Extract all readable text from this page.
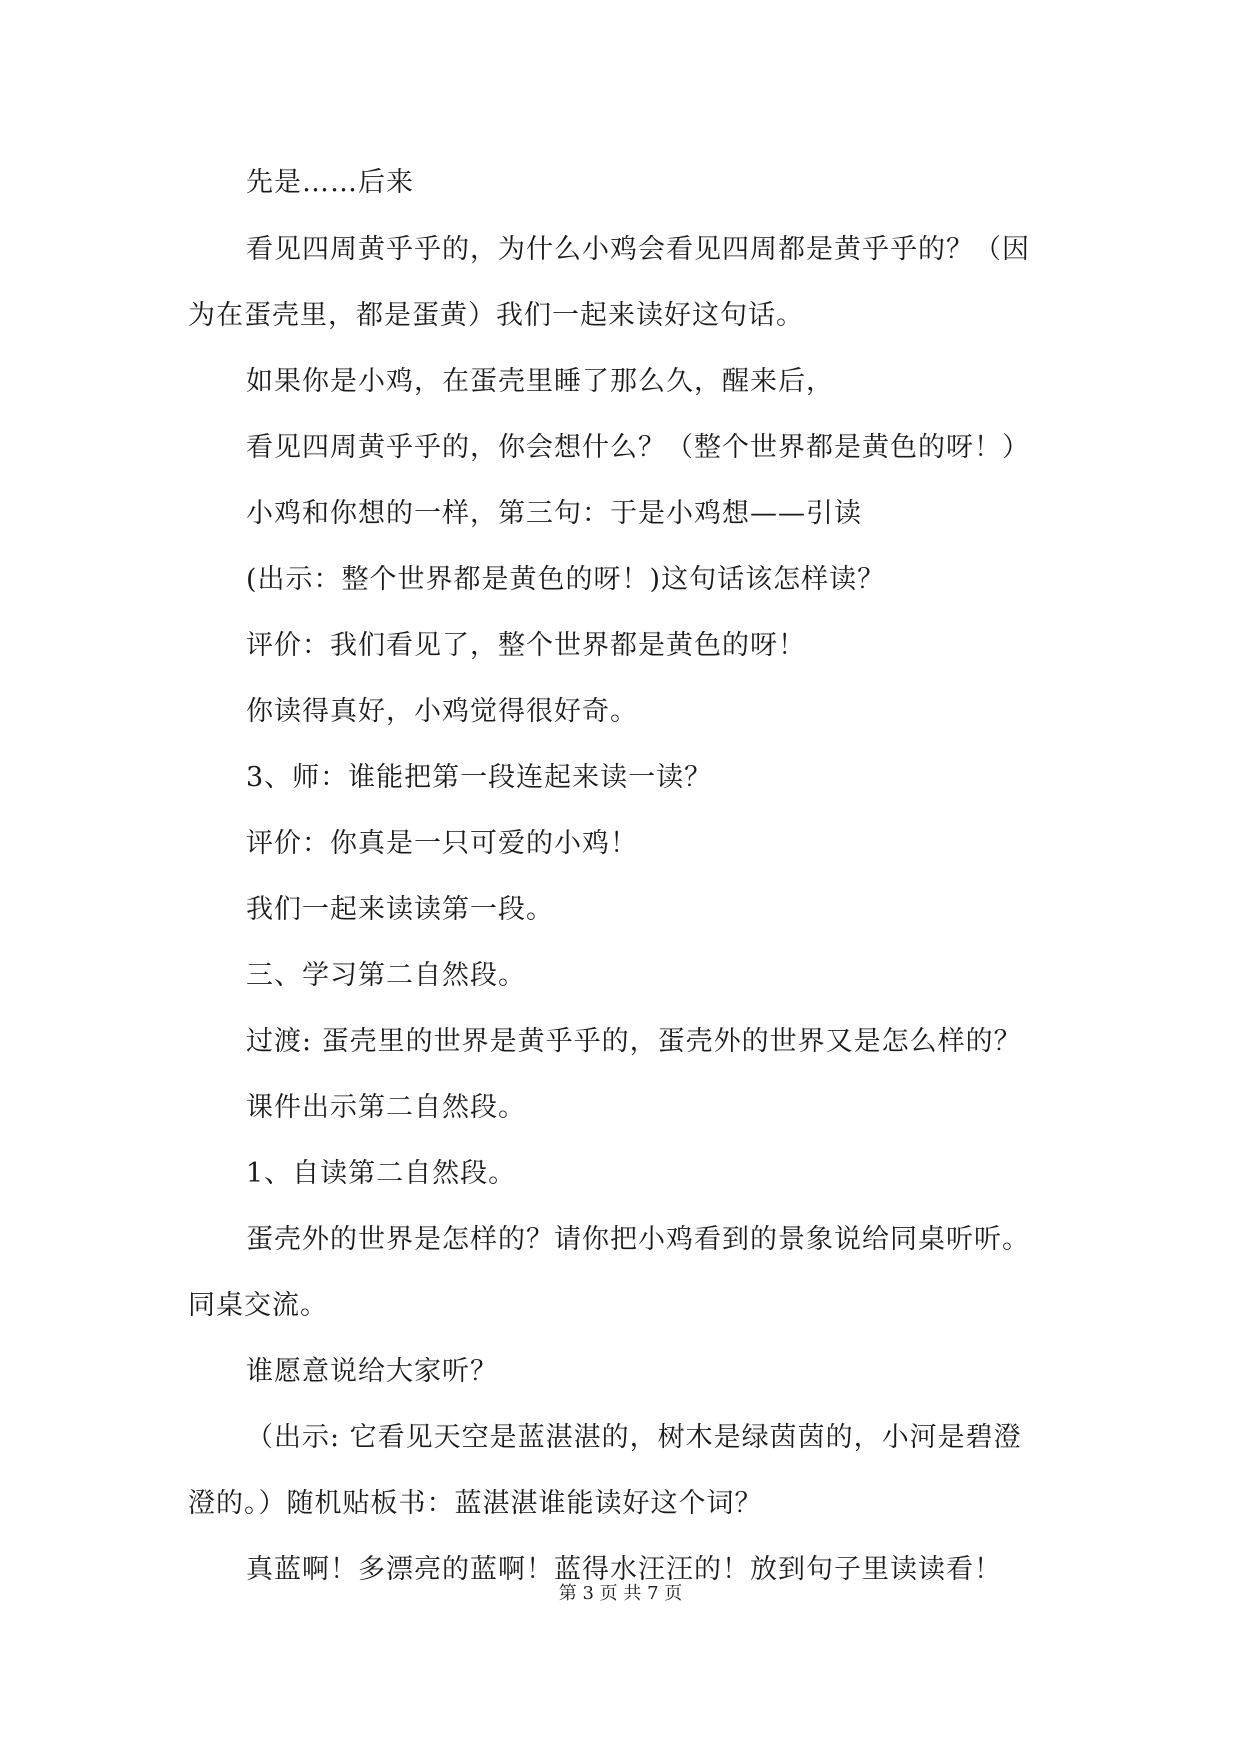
先是……后来
看见四周黄乎乎的，为什么小鸡会看见四周都是黄乎乎的？（因
为在蛋壳里，都是蛋黄）我们一起来读好这句话。
如果你是小鸡，在蛋壳里睡了那么久，醒来后，
看见四周黄乎乎的，你会想什么？（整个世界都是黄色的呀！）
小鸡和你想的一样，第三句：于是小鸡想——引读
(出示：整个世界都是黄色的呀！)这句话该怎样读？
评价：我们看见了，整个世界都是黄色的呀！
你读得真好，小鸡觉得很好奇。
3、师：谁能把第一段连起来读一读？
评价：你真是一只可爱的小鸡！
我们一起来读读第一段。
三、学习第二自然段。
过渡: 蛋壳里的世界是黄乎乎的，蛋壳外的世界又是怎么样的？
课件出示第二自然段。
1、自读第二自然段。
蛋壳外的世界是怎样的？请你把小鸡看到的景象说给同桌听听。
同桌交流。
谁愿意说给大家听？
（出示: 它看见天空是蓝湛湛的，树木是绿茵茵的，小河是碧澄
澄的。）随机贴板书：蓝湛湛谁能读好这个词？
真蓝啊！多漂亮的蓝啊！蓝得水汪汪的！放到句子里读读看！
第 3 页 共 7 页
